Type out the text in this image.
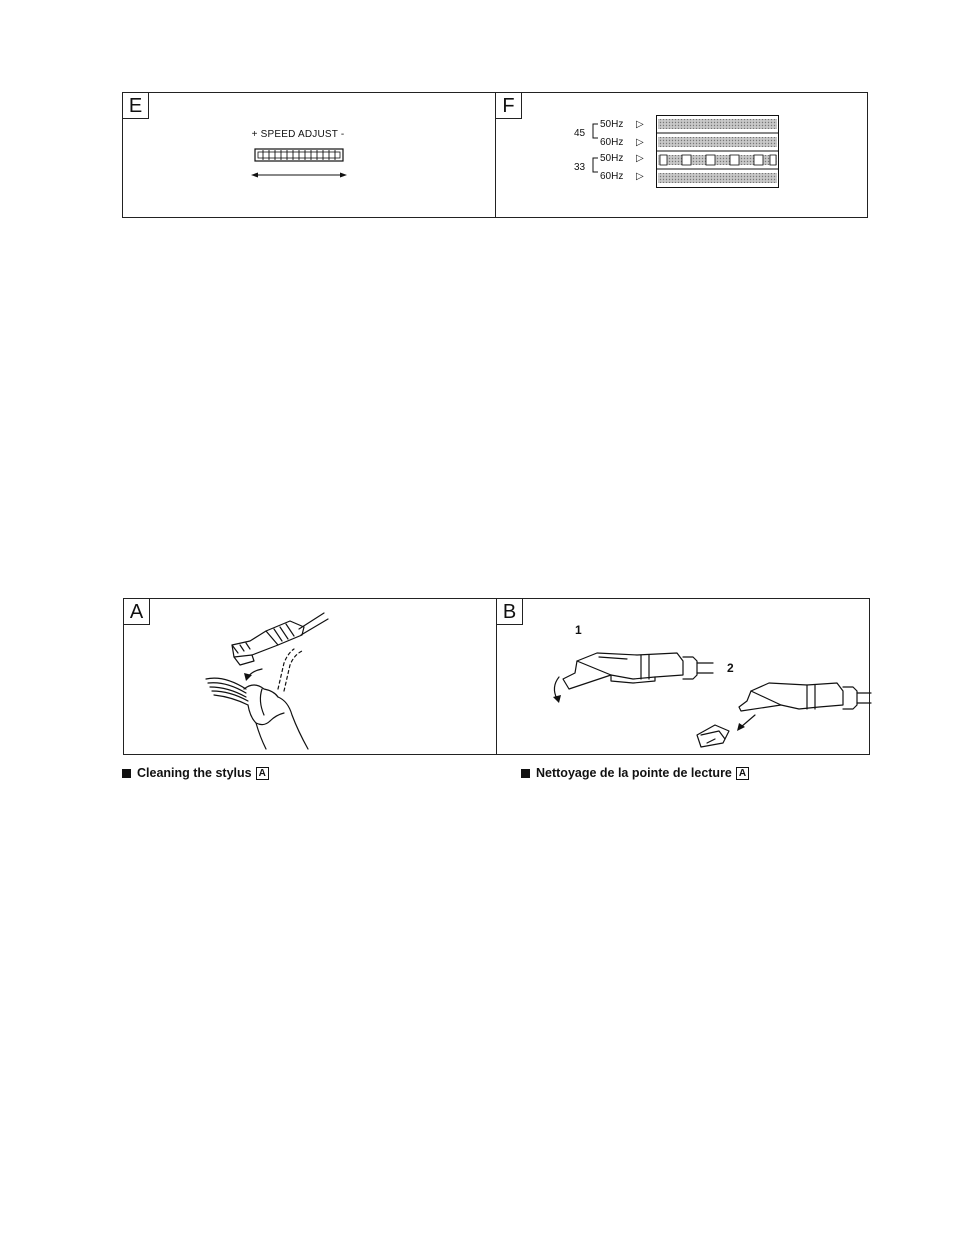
E
+ SPEED ADJUST -
F
45
33
50Hz
60Hz
50Hz
60Hz
▷
▷
▷
▷
A	B
1
2
Cleaning the stylus A	Nettoyage de la pointe de lecture A
